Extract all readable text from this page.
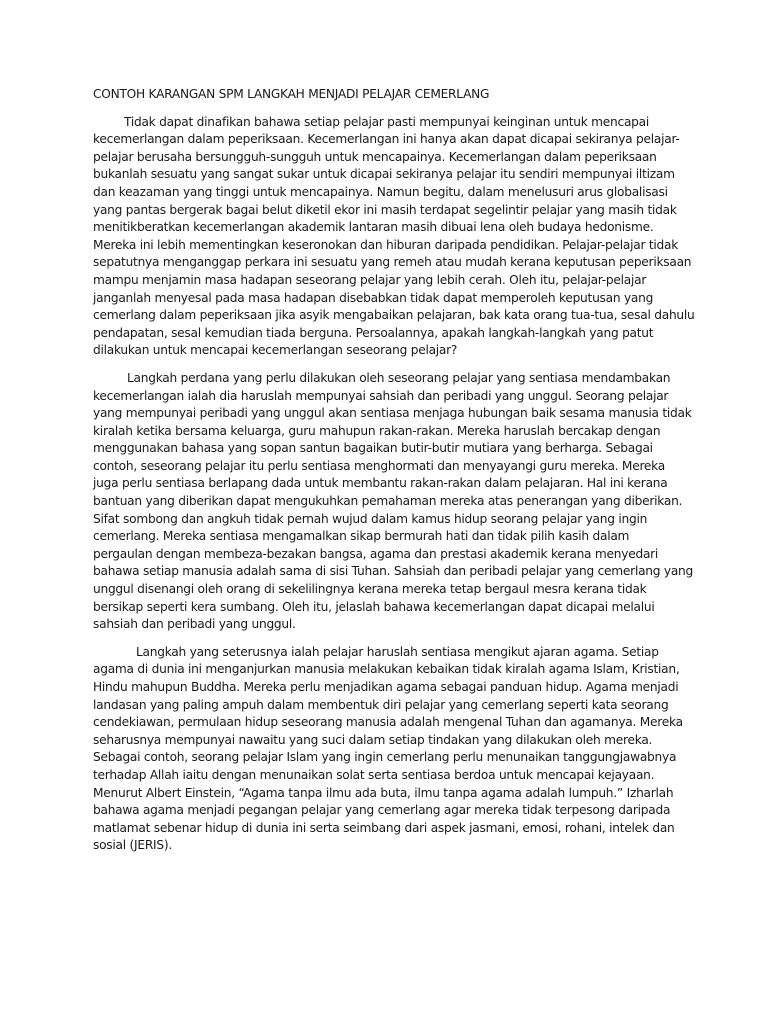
CONTOH KARANGAN SPM LANGKAH MENJADI PELAJAR CEMERLANG
Tidak dapat dinafikan bahawa setiap pelajar pasti mempunyai keinginan untuk mencapai
kecemerlangan dalam peperiksaan. Kecemerlangan ini hanya akan dapat dicapai sekiranya pelajar-
pelajar berusaha bersungguh-sungguh untuk mencapainya. Kecemerlangan dalam peperiksaan
bukanlah sesuatu yang sangat sukar untuk dicapai sekiranya pelajar itu sendiri mempunyai iltizam
dan keazaman yang tinggi untuk mencapainya. Namun begitu, dalam menelusuri arus globalisasi
yang pantas bergerak bagai belut diketil ekor ini masih terdapat segelintir pelajar yang masih tidak
menitikberatkan kecemerlangan akademik lantaran masih dibuai lena oleh budaya hedonisme.
Mereka ini lebih mementingkan keseronokan dan hiburan daripada pendidikan. Pelajar-pelajar tidak
sepatutnya menganggap perkara ini sesuatu yang remeh atau mudah kerana keputusan peperiksaan
mampu menjamin masa hadapan seseorang pelajar yang lebih cerah. Oleh itu, pelajar-pelajar
janganlah menyesal pada masa hadapan disebabkan tidak dapat memperoleh keputusan yang
cemerlang dalam peperiksaan jika asyik mengabaikan pelajaran, bak kata orang tua-tua, sesal dahulu
pendapatan, sesal kemudian tiada berguna. Persoalannya, apakah langkah-langkah yang patut
dilakukan untuk mencapai kecemerlangan seseorang pelajar?
Langkah perdana yang perlu dilakukan oleh seseorang pelajar yang sentiasa mendambakan
kecemerlangan ialah dia haruslah mempunyai sahsiah dan peribadi yang unggul. Seorang pelajar
yang mempunyai peribadi yang unggul akan sentiasa menjaga hubungan baik sesama manusia tidak
kiralah ketika bersama keluarga, guru mahupun rakan-rakan. Mereka haruslah bercakap dengan
menggunakan bahasa yang sopan santun bagaikan butir-butir mutiara yang berharga. Sebagai
contoh, seseorang pelajar itu perlu sentiasa menghormati dan menyayangi guru mereka. Mereka
juga perlu sentiasa berlapang dada untuk membantu rakan-rakan dalam pelajaran. Hal ini kerana
bantuan yang diberikan dapat mengukuhkan pemahaman mereka atas penerangan yang diberikan.
Sifat sombong dan angkuh tidak pernah wujud dalam kamus hidup seorang pelajar yang ingin
cemerlang. Mereka sentiasa mengamalkan sikap bermurah hati dan tidak pilih kasih dalam
pergaulan dengan membeza-bezakan bangsa, agama dan prestasi akademik kerana menyedari
bahawa setiap manusia adalah sama di sisi Tuhan. Sahsiah dan peribadi pelajar yang cemerlang yang
unggul disenangi oleh orang di sekelilingnya kerana mereka tetap bergaul mesra kerana tidak
bersikap seperti kera sumbang. Oleh itu, jelaslah bahawa kecemerlangan dapat dicapai melalui
sahsiah dan peribadi yang unggul.
Langkah yang seterusnya ialah pelajar haruslah sentiasa mengikut ajaran agama. Setiap
agama di dunia ini menganjurkan manusia melakukan kebaikan tidak kiralah agama Islam, Kristian,
Hindu mahupun Buddha. Mereka perlu menjadikan agama sebagai panduan hidup. Agama menjadi
landasan yang paling ampuh dalam membentuk diri pelajar yang cemerlang seperti kata seorang
cendekiawan, permulaan hidup seseorang manusia adalah mengenal Tuhan dan agamanya. Mereka
seharusnya mempunyai nawaitu yang suci dalam setiap tindakan yang dilakukan oleh mereka.
Sebagai contoh, seorang pelajar Islam yang ingin cemerlang perlu menunaikan tanggungjawabnya
terhadap Allah iaitu dengan menunaikan solat serta sentiasa berdoa untuk mencapai kejayaan.
Menurut Albert Einstein, “Agama tanpa ilmu ada buta, ilmu tanpa agama adalah lumpuh.” Izharlah
bahawa agama menjadi pegangan pelajar yang cemerlang agar mereka tidak terpesong daripada
matlamat sebenar hidup di dunia ini serta seimbang dari aspek jasmani, emosi, rohani, intelek dan
sosial (JERIS).
